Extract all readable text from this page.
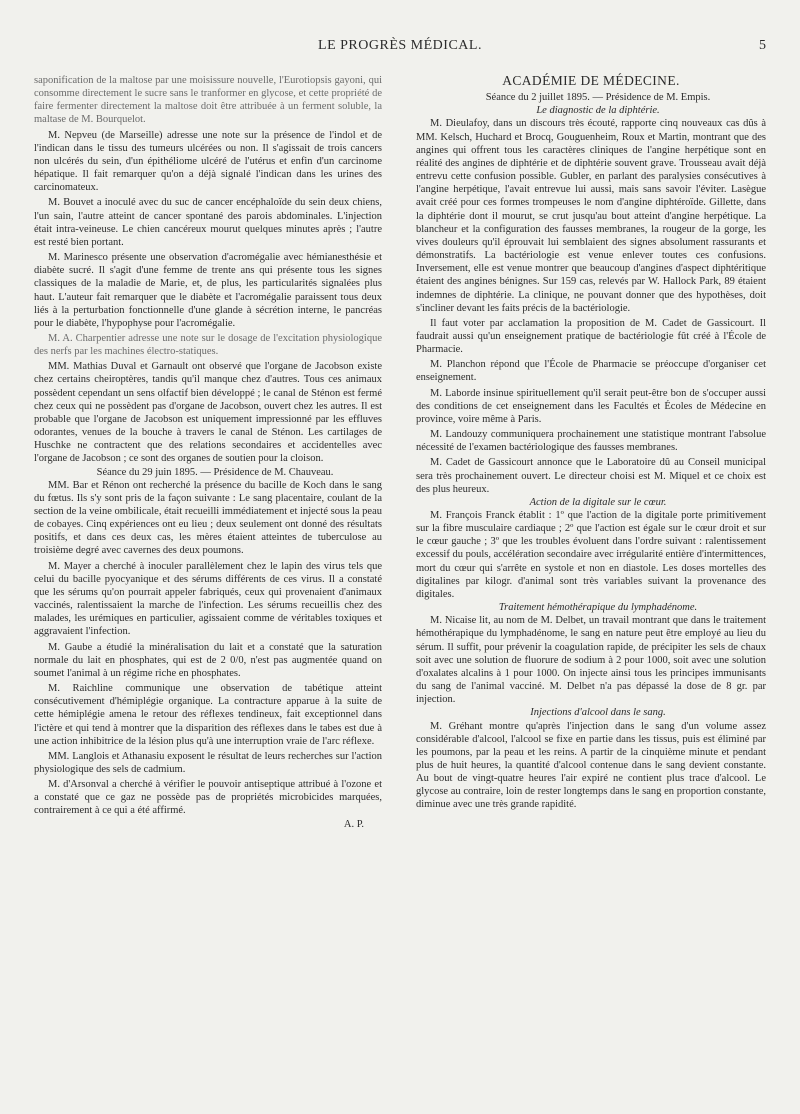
LE PROGRÈS MÉDICAL.	5

saponification de la maltose par une moisissure nouvelle, l'Eurotiopsis gayoni, qui consomme directement le sucre sans le tranformer en glycose, et cette propriété de faire fermenter directement la maltose doit être attribuée à un ferment soluble, la maltase de M. Bourquelot.

M. Nepveu (de Marseille) adresse une note sur la présence de l'indol et de l'indican dans le tissu des tumeurs ulcérées ou non. Il s'agissait de trois cancers non ulcérés du sein, d'un épithéliome ulcéré de l'utérus et enfin d'un carcinome hépatique. Il fait remarquer qu'on a déjà signalé l'indican dans les urines des carcinomateux.

M. Bouvet a inoculé avec du suc de cancer encéphaloïde du sein deux chiens, l'un sain, l'autre atteint de cancer spontané des parois abdominales. L'injection était intra-veineuse. Le chien cancéreux mourut quelques minutes après ; l'autre est resté bien portant.

M. Marinesco présente une observation d'acromégalie avec hémianesthésie et diabète sucré. Il s'agit d'une femme de trente ans qui présente tous les signes classiques de la maladie de Marie, et, de plus, les particularités signalées plus haut. L'auteur fait remarquer que le diabète et l'acromégalie paraissent tous deux liés à la perturbation fonctionnelle d'une glande à sécrétion interne, le pancréas pour le diabète, l'hypophyse pour l'acromégalie.

M. A. Charpentier adresse une note sur le dosage de l'excitation physiologique des nerfs par les machines électro-statiques.

MM. Mathias Duval et Garnault ont observé que l'organe de Jacobson existe chez certains cheiroptères, tandis qu'il manque chez d'autres. Tous ces animaux possèdent cependant un sens olfactif bien développé ; le canal de Sténon est fermé chez ceux qui ne possèdent pas d'organe de Jacobson, ouvert chez les autres. Il est probable que l'organe de Jacobson est uniquement impressionné par les effluves odorantes, venues de la bouche à travers le canal de Sténon. Les cartilages de Huschke ne contractent que des relations secondaires et accidentelles avec l'organe de Jacobson ; ce sont des organes de soutien pour la cloison.

Séance du 29 juin 1895. — Présidence de M. Chauveau.

MM. Bar et Rénon ont recherché la présence du bacille de Koch dans le sang du fœtus. Ils s'y sont pris de la façon suivante : Le sang placentaire, coulant de la section de la veine ombilicale, était recueilli immédiatement et injecté sous la peau de cobayes. Cinq expériences ont eu lieu ; deux seulement ont donné des résultats positifs, et dans ces deux cas, les mères étaient atteintes de tuberculose au troisième degré avec cavernes des deux poumons.

M. Mayer a cherché à inoculer parallèlement chez le lapin des virus tels que celui du bacille pyocyanique et des sérums différents de ces virus. Il a constaté que les sérums qu'on pourrait appeler fabriqués, ceux qui provenaient d'animaux vaccinés, ralentissaient la marche de l'infection. Les sérums recueillis chez des malades, les urémiques en particulier, agissaient comme de véritables toxiques et aggravaient l'infection.

M. Gaube a étudié la minéralisation du lait et a constaté que la saturation normale du lait en phosphates, qui est de 2 0/0, n'est pas augmentée quand on soumet l'animal à un régime riche en phosphates.

M. Raichline communique une observation de tabétique atteint consécutivement d'hémiplégie organique. La contracture apparue à la suite de cette hémiplégie amena le retour des réflexes tendineux, fait exceptionnel dans l'ictère et qui tend à montrer que la disparition des réflexes dans le tabes est due à une action inhibitrice de la lésion plus qu'à une interruption vraie de l'arc réflexe.

MM. Langlois et Athanasiu exposent le résultat de leurs recherches sur l'action physiologique des sels de cadmium.

M. d'Arsonval a cherché à vérifier le pouvoir antiseptique attribué à l'ozone et a constaté que ce gaz ne possède pas de propriétés microbicides marquées, contrairement à ce qui a été affirmé.

A. P.

ACADÉMIE DE MÉDECINE.

Séance du 2 juillet 1895. — Présidence de M. Empis.

Le diagnostic de la diphtérie.

M. Dieulafoy, dans un discours très écouté, rapporte cinq nouveaux cas dûs à MM. Kelsch, Huchard et Brocq, Gouguenheim, Roux et Martin, montrant que des angines qui offrent tous les caractères cliniques de l'angine herpétique sont en réalité des angines de diphtérie et de diphtérie souvent grave. Trousseau avait déjà entrevu cette confusion possible. Gubler, en parlant des paralysies consécutives à l'angine herpétique, l'avait entrevue lui aussi, mais sans savoir l'éviter. Lasègue avait créé pour ces formes trompeuses le nom d'angine diphtéroïde. Gillette, dans la diphtérie dont il mourut, se crut jusqu'au bout atteint d'angine herpétique. La blancheur et la configuration des fausses membranes, la rougeur de la gorge, les vives douleurs qu'il éprouvait lui semblaient des signes absolument rassurants et démonstratifs. La bactériologie est venue enlever toutes ces confusions. Inversement, elle est venue montrer que beaucoup d'angines d'aspect diphtéritique étaient des angines bénignes. Sur 159 cas, relevés par W. Hallock Park, 89 étaient indemnes de diphtérie. La clinique, ne pouvant donner que des hypothèses, doit s'incliner devant les faits précis de la bactériologie.

Il faut voter par acclamation la proposition de M. Cadet de Gassicourt. Il faudrait aussi qu'un enseignement pratique de bactériologie fût créé à l'École de Pharmacie.

M. Planchon répond que l'École de Pharmacie se préoccupe d'organiser cet enseignement.

M. Laborde insinue spirituellement qu'il serait peut-être bon de s'occuper aussi des conditions de cet enseignement dans les Facultés et Écoles de Médecine en province, voire même à Paris.

M. Landouzy communiquera prochainement une statistique montrant l'absolue nécessité de l'examen bactériologique des fausses membranes.

M. Cadet de Gassicourt annonce que le Laboratoire dû au Conseil municipal sera très prochainement ouvert. Le directeur choisi est M. Miquel et ce choix est des plus heureux.

Action de la digitale sur le cœur.

M. François Franck établit : 1º que l'action de la digitale porte primitivement sur la fibre musculaire cardiaque ; 2º que l'action est égale sur le cœur droit et sur le cœur gauche ; 3º que les troubles évoluent dans l'ordre suivant : ralentissement excessif du pouls, accélération secondaire avec irrégularité entière d'intermittences, mort du cœur qui s'arrête en systole et non en diastole. Les doses mortelles des digitalines par kilogr. d'animal sont très variables suivant la provenance des digitales.

Traitement hémothérapique du lymphadénome.

M. Nicaise lit, au nom de M. Delbet, un travail montrant que dans le traitement hémothérapique du lymphadénome, le sang en nature peut être employé au lieu du sérum. Il suffit, pour prévenir la coagulation rapide, de précipiter les sels de chaux soit avec une solution de fluorure de sodium à 2 pour 1000, soit avec une solution d'oxalates alcalins à 1 pour 1000. On injecte ainsi tous les principes immunisants du sang de l'animal vacciné. M. Delbet n'a pas dépassé la dose de 8 gr. par injection.

Injections d'alcool dans le sang.

M. Gréhant montre qu'après l'injection dans le sang d'un volume assez considérable d'alcool, l'alcool se fixe en partie dans les tissus, puis est éliminé par les poumons, par la peau et les reins. A partir de la cinquième minute et pendant plus de huit heures, la quantité d'alcool contenue dans le sang devient constante. Au bout de vingt-quatre heures l'air expiré ne contient plus trace d'alcool. Le glycose au contraire, loin de rester longtemps dans le sang en proportion constante, diminue avec une très grande rapidité.
